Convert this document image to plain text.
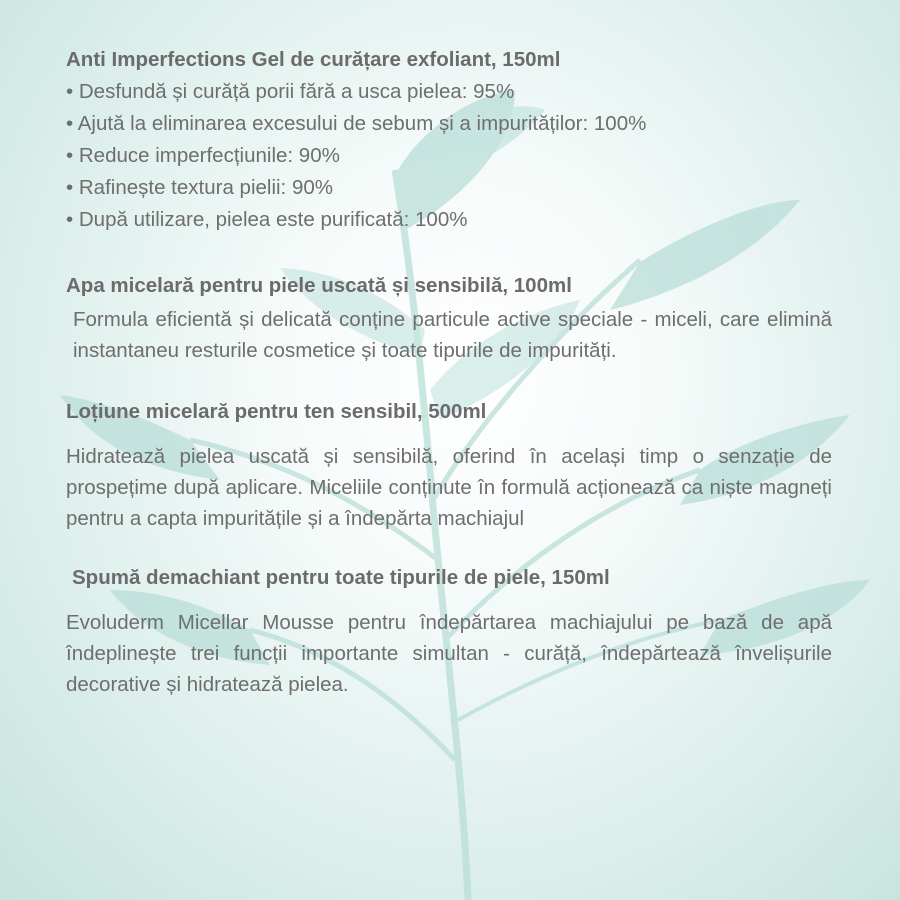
Anti Imperfections Gel de curățare exfoliant, 150ml
• Desfundă și curăță porii fără a usca pielea: 95%
• Ajută la eliminarea excesului de sebum și a impurităților: 100%
• Reduce imperfecțiunile: 90%
• Rafinește textura pielii: 90%
• După utilizare, pielea este purificată: 100%
Apa micelară pentru piele uscată și sensibilă, 100ml

Formula eficientă și delicată conține particule active speciale - miceli, care elimină instantaneu resturile cosmetice și toate tipurile de impurități.

Loțiune micelară pentru ten sensibil, 500ml

Hidratează pielea uscată și sensibilă, oferind în același timp o senzație de prospețime după aplicare. Miceliile conținute în formulă acționează ca niște magneți pentru a capta impuritățile și a îndepărta machiajul

Spumă demachiant pentru toate tipurile de piele, 150ml

Evoluderm Micellar Mousse pentru îndepărtarea machiajului pe bază de apă îndeplinește trei funcții importante simultan - curăță, îndepărtează învelișurile decorative și hidratează pielea.
